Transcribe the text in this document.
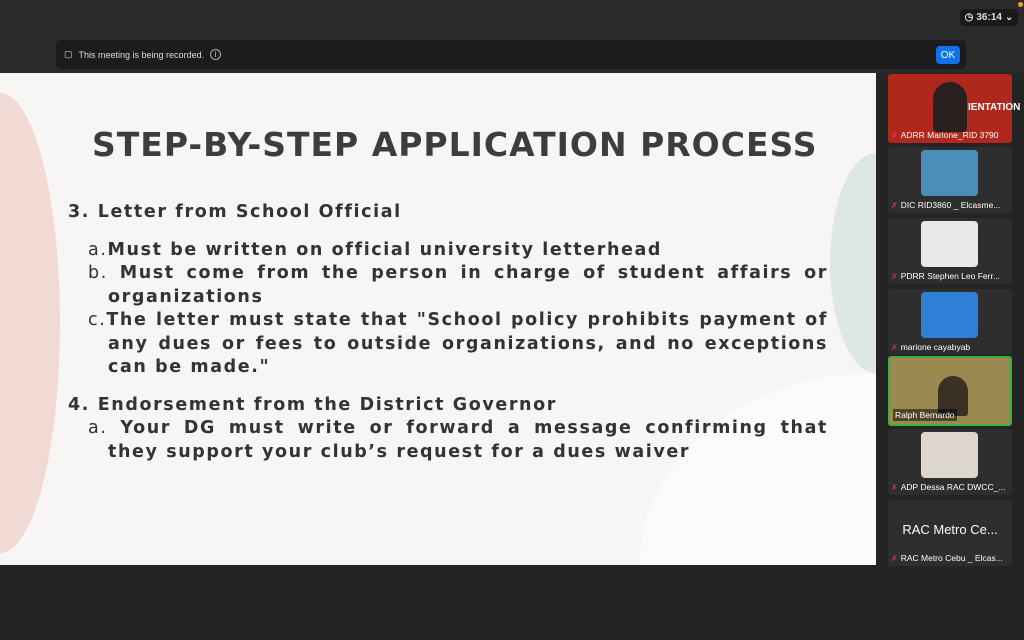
◷ 36:14 ⌄
▢ This meeting is being recorded.	i	OK
STEP-BY-STEP APPLICATION PROCESS

3. Letter from School Official

a.Must be written on official university letterhead

b. Must come from the person in charge of student affairs or organizations

c.The letter must state that "School policy prohibits payment of any dues or fees to outside organizations, and no exceptions can be made."

4. Endorsement from the District Governor

a. Your DG must write or forward a message confirming that they support your club’s request for a dues waiver

IENTATION
✗ ADRR Marione_RID 3790
✗ DIC RID3860 _ Elcasme...
✗ PDRR Stephen Leo Ferr...
✗ marione cayabyab
Ralph Bernardo
✗ ADP Dessa RAC DWCC_...
RAC Metro Ce...
✗ RAC Metro Cebu _ Elcas...
